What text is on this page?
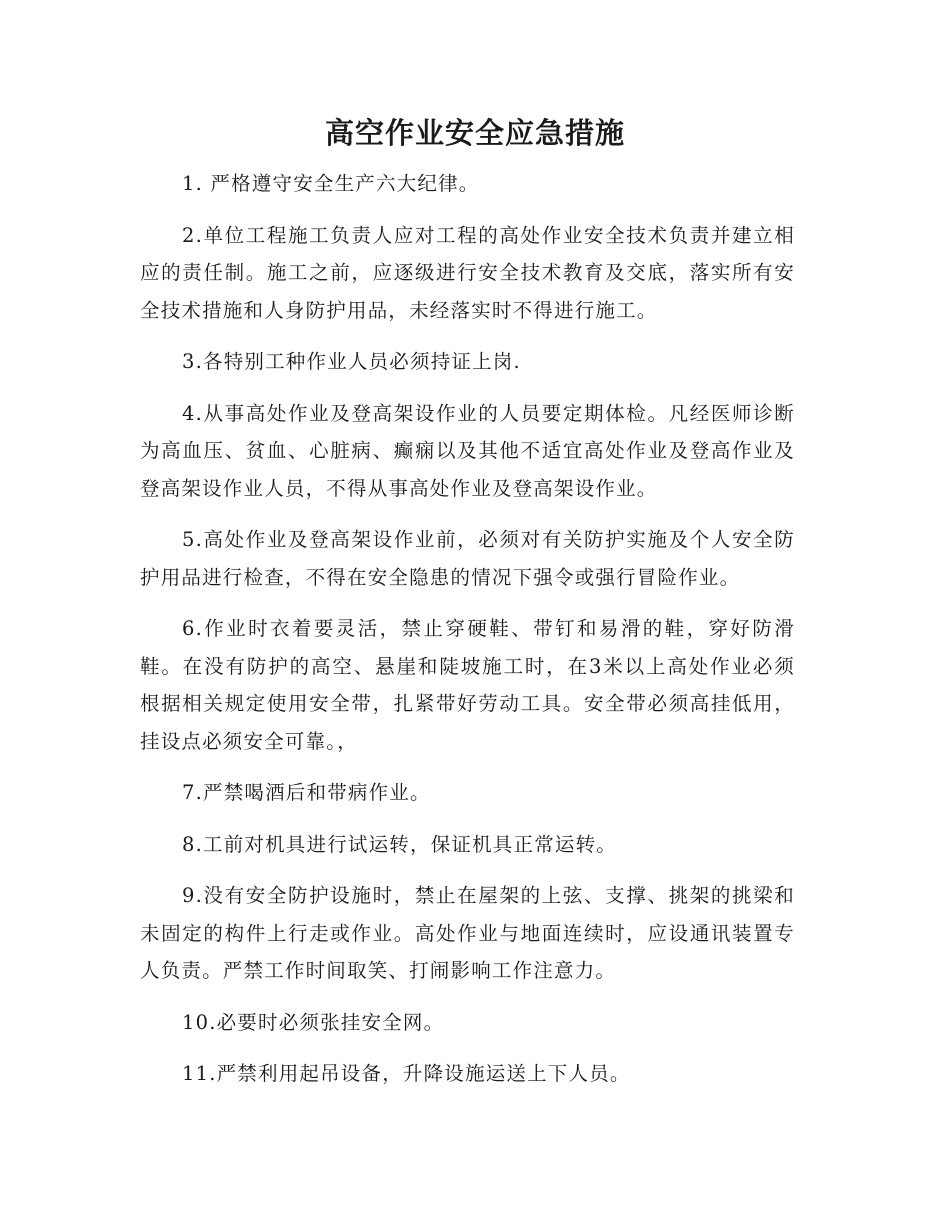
高空作业安全应急措施

1. 严格遵守安全生产六大纪律。

2.单位工程施工负责人应对工程的高处作业安全技术负责并建立相应的责任制。施工之前，应逐级进行安全技术教育及交底，落实所有安全技术措施和人身防护用品，未经落实时不得进行施工。

3.各特别工种作业人员必须持证上岗.

4.从事高处作业及登高架设作业的人员要定期体检。凡经医师诊断为高血压、贫血、心脏病、癫痫以及其他不适宜高处作业及登高作业及登高架设作业人员，不得从事高处作业及登高架设作业。

5.高处作业及登高架设作业前，必须对有关防护实施及个人安全防护用品进行检查，不得在安全隐患的情况下强令或强行冒险作业。

6.作业时衣着要灵活，禁止穿硬鞋、带钉和易滑的鞋，穿好防滑鞋。在没有防护的高空、悬崖和陡坡施工时，在3米以上高处作业必须根据相关规定使用安全带，扎紧带好劳动工具。安全带必须高挂低用，挂设点必须安全可靠。，

7.严禁喝酒后和带病作业。

8.工前对机具进行试运转，保证机具正常运转。

9.没有安全防护设施时，禁止在屋架的上弦、支撑、挑架的挑梁和未固定的构件上行走或作业。高处作业与地面连续时，应设通讯装置专人负责。严禁工作时间取笑、打闹影响工作注意力。

10.必要时必须张挂安全网。

11.严禁利用起吊设备，升降设施运送上下人员。
